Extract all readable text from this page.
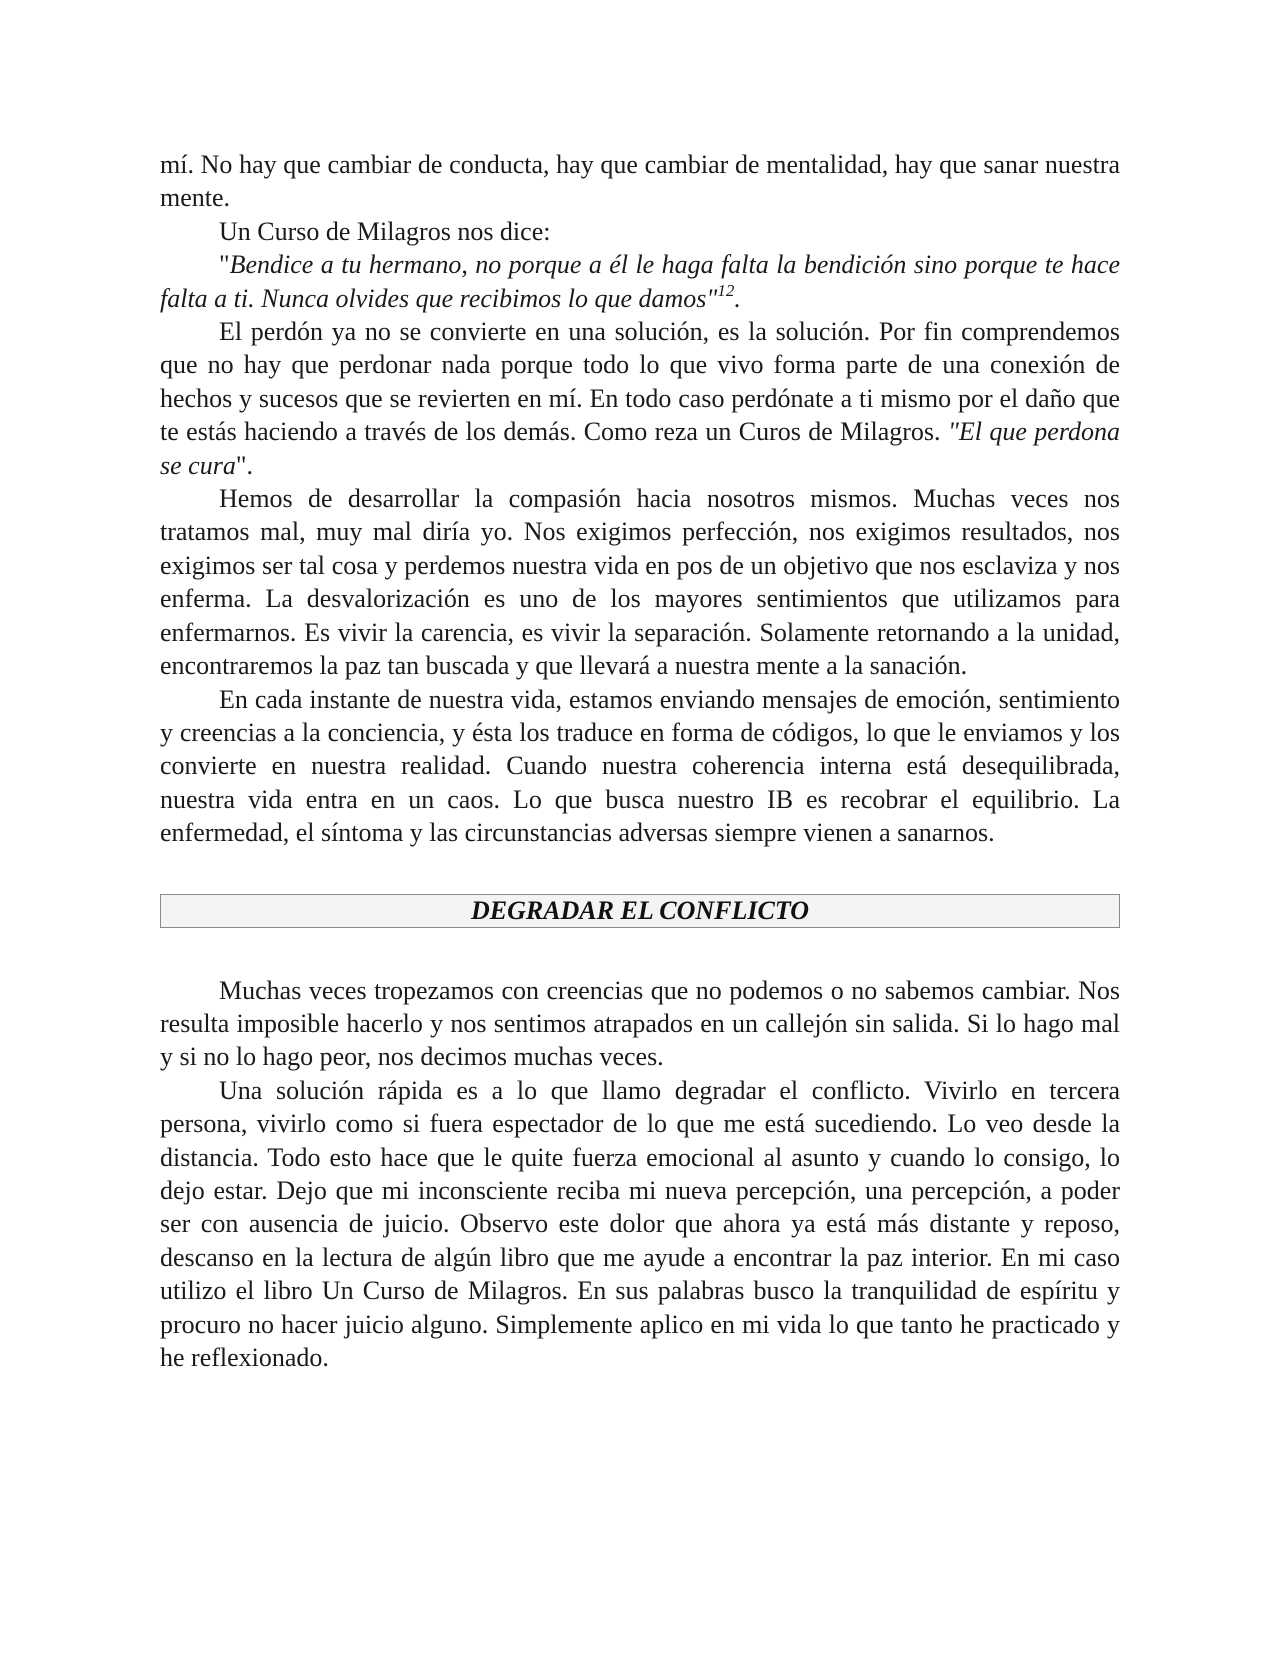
mí. No hay que cambiar de conducta, hay que cambiar de mentalidad, hay que sanar nuestra mente.

Un Curso de Milagros nos dice:

"Bendice a tu hermano, no porque a él le haga falta la bendición sino porque te hace falta a ti. Nunca olvides que recibimos lo que damos"$^{12}$.

El perdón ya no se convierte en una solución, es la solución. Por fin comprendemos que no hay que perdonar nada porque todo lo que vivo forma parte de una conexión de hechos y sucesos que se revierten en mí. En todo caso perdónate a ti mismo por el daño que te estás haciendo a través de los demás. Como reza un Curos de Milagros. "El que perdona se cura".

Hemos de desarrollar la compasión hacia nosotros mismos. Muchas veces nos tratamos mal, muy mal diría yo. Nos exigimos perfección, nos exigimos resultados, nos exigimos ser tal cosa y perdemos nuestra vida en pos de un objetivo que nos esclaviza y nos enferma. La desvalorización es uno de los mayores sentimientos que utilizamos para enfermarnos. Es vivir la carencia, es vivir la separación. Solamente retornando a la unidad, encontraremos la paz tan buscada y que llevará a nuestra mente a la sanación.

En cada instante de nuestra vida, estamos enviando mensajes de emoción, sentimiento y creencias a la conciencia, y ésta los traduce en forma de códigos, lo que le enviamos y los convierte en nuestra realidad. Cuando nuestra coherencia interna está desequilibrada, nuestra vida entra en un caos. Lo que busca nuestro IB es recobrar el equilibrio. La enfermedad, el síntoma y las circunstancias adversas siempre vienen a sanarnos.

DEGRADAR EL CONFLICTO

Muchas veces tropezamos con creencias que no podemos o no sabemos cambiar. Nos resulta imposible hacerlo y nos sentimos atrapados en un callejón sin salida. Si lo hago mal y si no lo hago peor, nos decimos muchas veces.

Una solución rápida es a lo que llamo degradar el conflicto. Vivirlo en tercera persona, vivirlo como si fuera espectador de lo que me está sucediendo. Lo veo desde la distancia. Todo esto hace que le quite fuerza emocional al asunto y cuando lo consigo, lo dejo estar. Dejo que mi inconsciente reciba mi nueva percepción, una percepción, a poder ser con ausencia de juicio. Observo este dolor que ahora ya está más distante y reposo, descanso en la lectura de algún libro que me ayude a encontrar la paz interior. En mi caso utilizo el libro Un Curso de Milagros. En sus palabras busco la tranquilidad de espíritu y procuro no hacer juicio alguno. Simplemente aplico en mi vida lo que tanto he practicado y he reflexionado.
